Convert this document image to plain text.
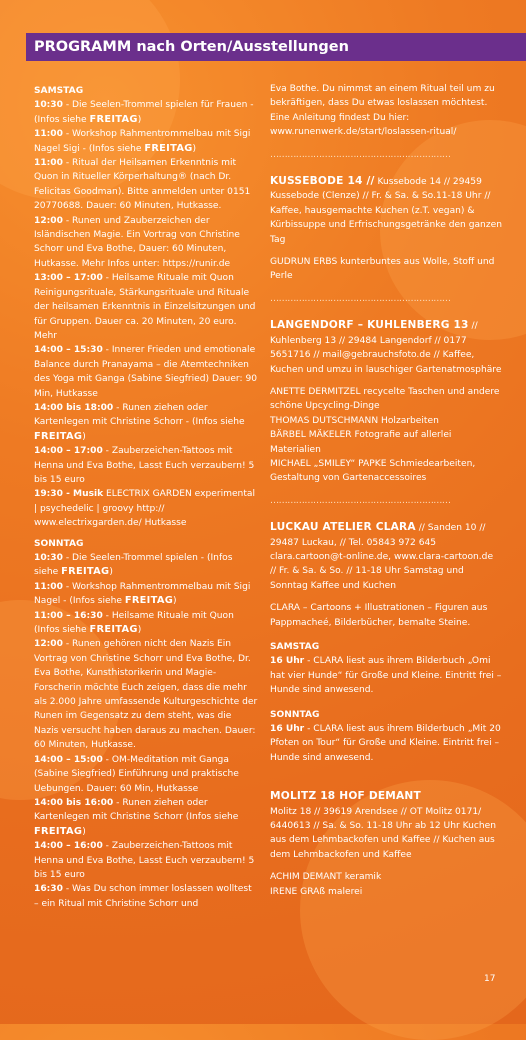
PROGRAMM nach Orten/Ausstellungen
SAMSTAG

10:30 - Die Seelen-Trommel spielen für Frauen - (Infos siehe FREITAG)

11:00 - Workshop Rahmentrommelbau mit Sigi Nagel Sigi - (Infos siehe FREITAG)

11:00 - Ritual der Heilsamen Erkenntnis mit Quon in Ritueller Körperhaltung® (nach Dr. Felicitas Goodman). Bitte anmelden unter 0151 20770688. Dauer: 60 Minuten, Hutkasse.

12:00 - Runen und Zauberzeichen der Isländischen Magie. Ein Vortrag von Christine Schorr und Eva Bothe, Dauer: 60 Minuten, Hutkasse. Mehr Infos unter: https://runir.de

13:00 – 17:00 - Heilsame Rituale mit Quon Reinigungsrituale, Stärkungsrituale und Rituale der heilsamen Erkenntnis in Einzelsitzungen und für Gruppen. Dauer ca. 20 Minuten, 20 euro. Mehr

14:00 – 15:30 - Innerer Frieden und emotionale Balance durch Pranayama – die Atemtechniken des Yoga mit Ganga (Sabine Siegfried) Dauer: 90 Min, Hutkasse

14:00 bis 18:00 - Runen ziehen oder Kartenlegen mit Christine Schorr - (Infos siehe FREITAG)

14:00 – 17:00 - Zauberzeichen-Tattoos mit Henna und Eva Bothe, Lasst Euch verzaubern! 5 bis 15 euro

19:30 - Musik ELECTRIX GARDEN experimental | psychedelic | groovy http:// www.electrixgarden.de/ Hutkasse

SONNTAG

10:30 - Die Seelen-Trommel spielen - (Infos siehe FREITAG)

11:00 - Workshop Rahmentrommelbau mit Sigi Nagel - (Infos siehe FREITAG)

11:00 – 16:30 - Heilsame Rituale mit Quon (Infos siehe FREITAG)

12:00 - Runen gehören nicht den Nazis Ein Vortrag von Christine Schorr und Eva Bothe, Dr. Eva Bothe, Kunsthistorikerin und Magie-Forscherin möchte Euch zeigen, dass die mehr als 2.000 Jahre umfassende Kulturgeschichte der Runen im Gegensatz zu dem steht, was die Nazis versucht haben daraus zu machen. Dauer: 60 Minuten, Hutkasse.

14:00 – 15:00 - OM-Meditation mit Ganga (Sabine Siegfried) Einführung und praktische Uebungen. Dauer: 60 Min, Hutkasse

14:00 bis 16:00 - Runen ziehen oder Kartenlegen mit Christine Schorr (Infos siehe FREITAG)

14:00 – 16:00 - Zauberzeichen-Tattoos mit Henna und Eva Bothe, Lasst Euch verzaubern! 5 bis 15 euro

16:30 - Was Du schon immer loslassen wolltest – ein Ritual mit Christine Schorr und

Eva Bothe. Du nimmst an einem Ritual teil um zu bekräftigen, dass Du etwas loslassen möchtest. Eine Anleitung findest Du hier: www.runenwerk.de/start/loslassen-ritual/

………………………………………………………

KUSSEBODE 14 // Kussebode 14 // 29459 Kussebode (Clenze) // Fr. & Sa. & So.11-18 Uhr // Kaffee, hausgemachte Kuchen (z.T. vegan) & Kürbissuppe und Erfrischungsgetränke den ganzen Tag

GUDRUN ERBS kunterbuntes aus Wolle, Stoff und Perle

………………………………………………………

LANGENDORF – KUHLENBERG 13 // Kuhlenberg 13 // 29484 Langendorf // 0177 5651716 // mail@gebrauchsfoto.de // Kaffee, Kuchen und umzu in lauschiger Gartenatmosphäre

ANETTE DERMITZEL recycelte Taschen und andere schöne Upcycling-Dinge

THOMAS DUTSCHMANN Holzarbeiten

BÄRBEL MÄKELER Fotografie auf allerlei Materialien

MICHAEL „SMILEY“ PAPKE Schmiedearbeiten, Gestaltung von Gartenaccessoires

………………………………………………………

LUCKAU ATELIER CLARA // Sanden 10 // 29487 Luckau, // Tel. 05843 972 645 clara.cartoon@t-online.de, www.clara-cartoon.de // Fr. & Sa. & So. // 11-18 Uhr Samstag und Sonntag Kaffee und Kuchen

CLARA – Cartoons + Illustrationen – Figuren aus Pappmacheé, Bilderbücher, bemalte Steine.

SAMSTAG

16 Uhr - CLARA liest aus ihrem Bilderbuch „Omi hat vier Hunde“ für Große und Kleine. Eintritt frei – Hunde sind anwesend.

SONNTAG

16 Uhr - CLARA liest aus ihrem Bilderbuch „Mit 20 Pfoten on Tour“ für Große und Kleine. Eintritt frei – Hunde sind anwesend.

MOLITZ 18 HOF DEMANT

Molitz 18 // 39619 Arendsee // OT Molitz 0171/ 6440613 // Sa. & So. 11-18 Uhr ab 12 Uhr Kuchen aus dem Lehmbackofen und Kaffee // Kuchen aus dem Lehmbackofen und Kaffee

ACHIM DEMANT keramik

IRENE GRAß malerei

17
